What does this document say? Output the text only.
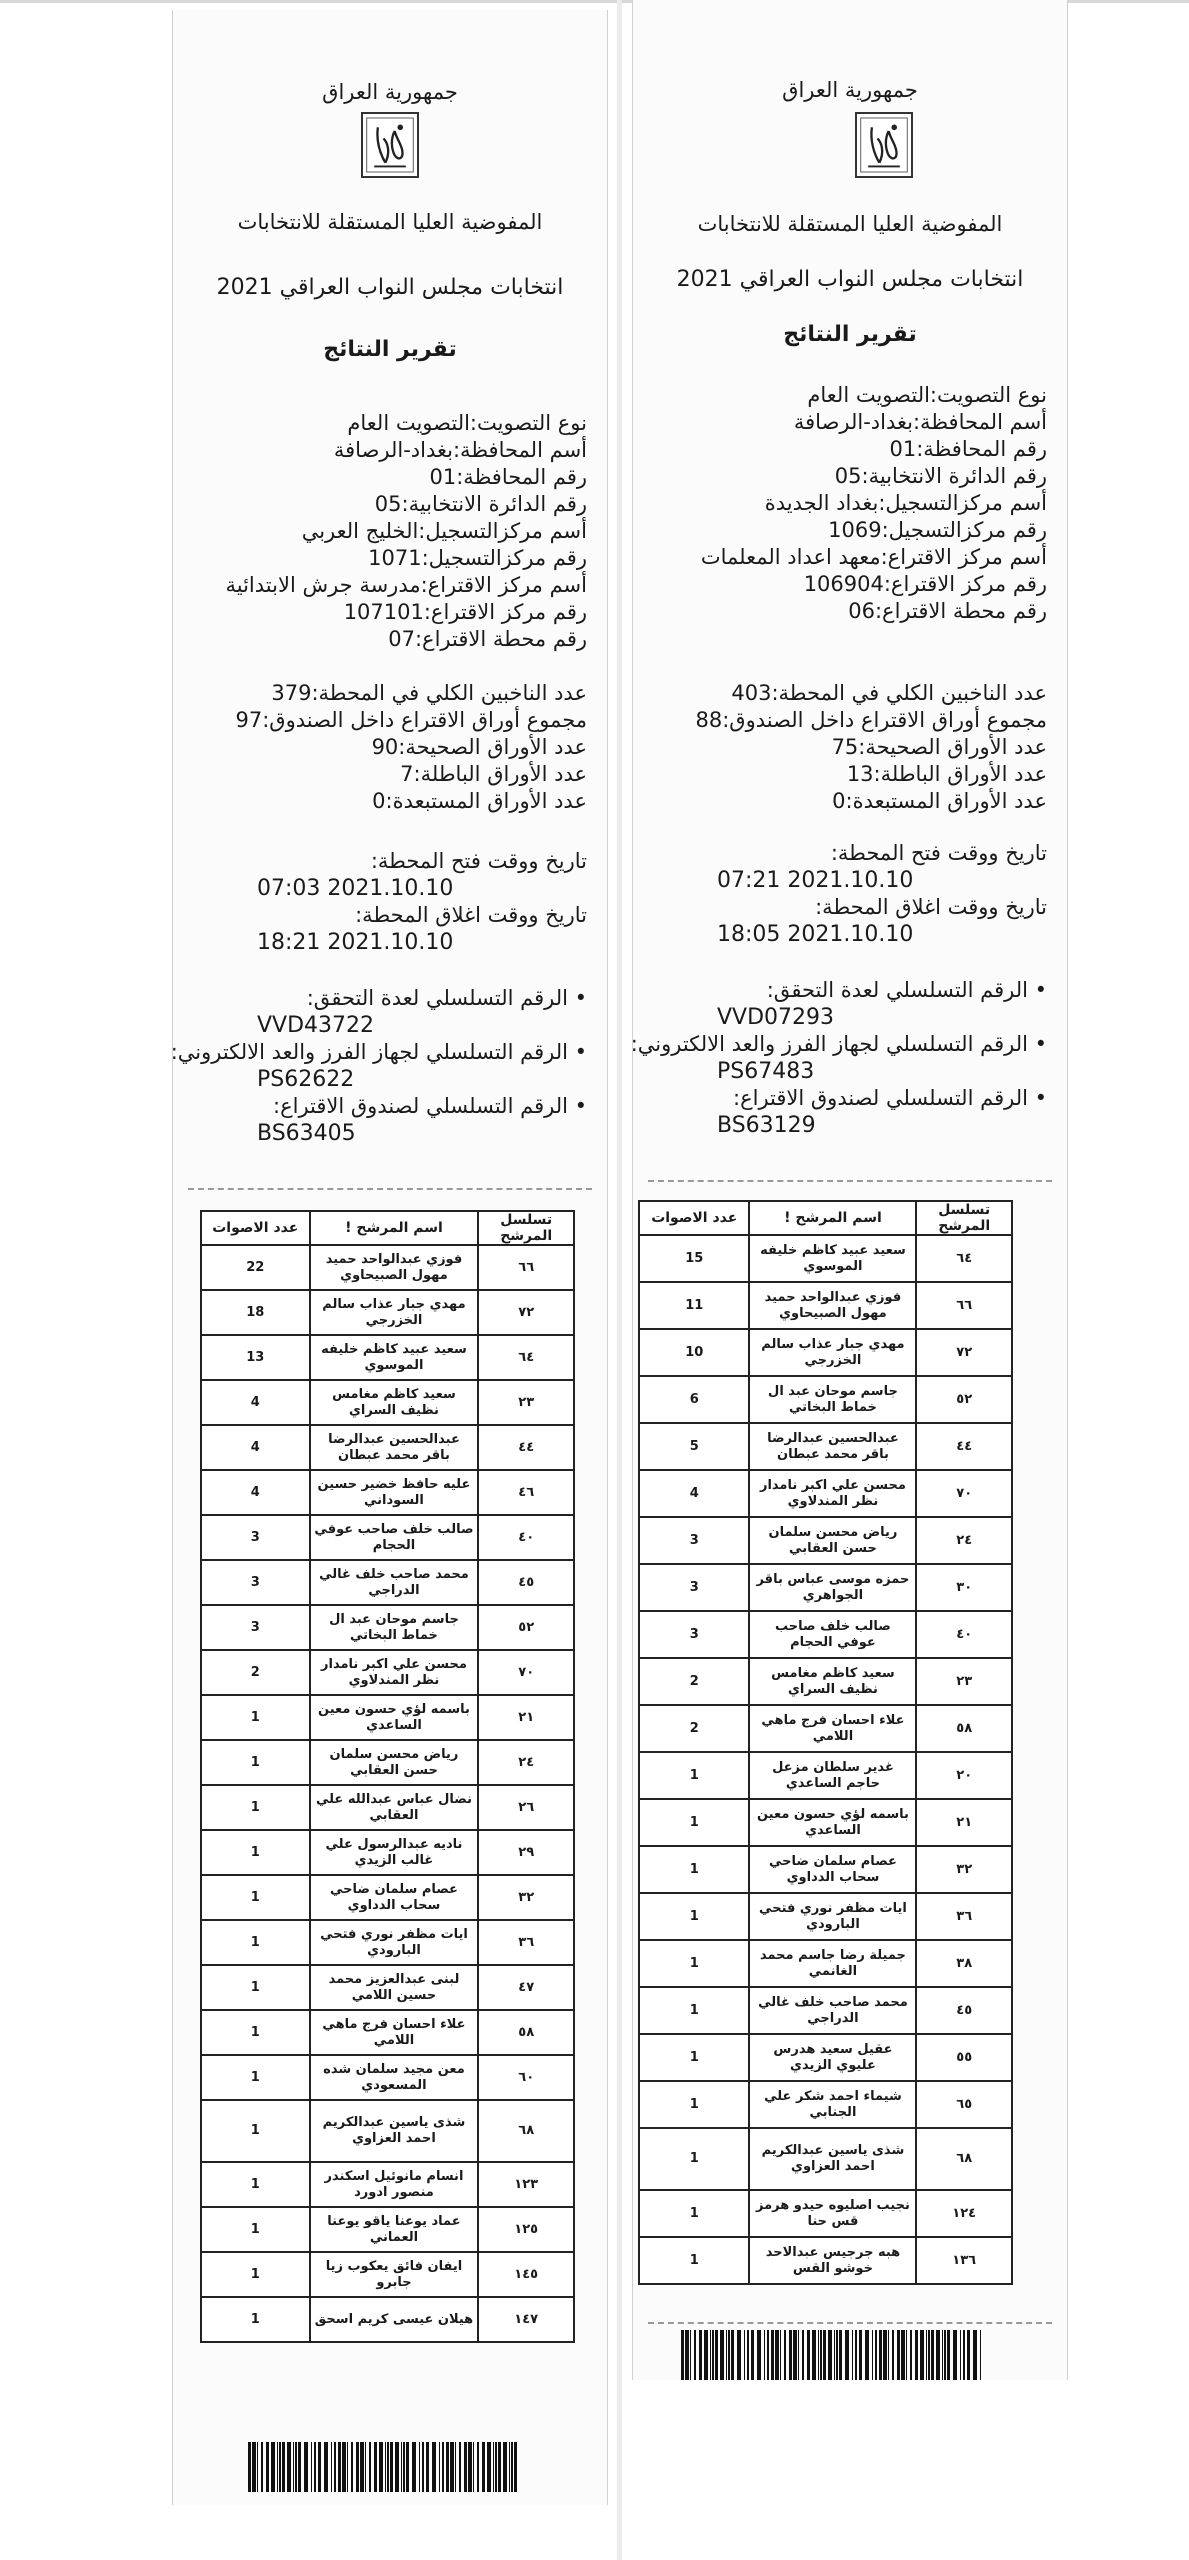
جمهورية العراق
المفوضية العليا المستقلة للانتخابات
انتخابات مجلس النواب العراقي 2021
تقرير النتائج
نوع التصويت:التصويت العام
أسم المحافظة:بغداد-الرصافة
رقم المحافظة:01
رقم الدائرة الانتخابية:05
أسم مركزالتسجيل:الخليج العربي
رقم مركزالتسجيل:1071
أسم مركز الاقتراع:مدرسة جرش الابتدائية
رقم مركز الاقتراع:107101
رقم محطة الاقتراع:07
عدد الناخبين الكلي في المحطة:379
مجموع أوراق الاقتراع داخل الصندوق:97
عدد الأوراق الصحيحة:90
عدد الأوراق الباطلة:7
عدد الأوراق المستبعدة:0
تاريخ ووقت فتح المحطة:
2021.10.10 07:03
تاريخ ووقت اغلاق المحطة:
2021.10.10 18:21
• الرقم التسلسلي لعدة التحقق:
VVD43722
• الرقم التسلسلي لجهاز الفرز والعد الالكتروني:
PS62622
• الرقم التسلسلي لصندوق الاقتراع:
BS63405
تسلسل المرشح	اسم المرشح !	عدد الاصوات
٦٦	فوزي عبدالواحد حميد مهول الصبيحاوي	22
٧٢	مهدي جبار عذاب سالم الخزرجي	18
٦٤	سعيد عبيد كاظم خليفه الموسوي	13
٢٣	سعيد كاظم مغامس نظيف السراي	4
٤٤	عبدالحسين عبدالرضا باقر محمد عبطان	4
٤٦	عليه حافظ خضير حسين السوداني	4
٤٠	صالب خلف صاحب عوفي الحجام	3
٤٥	محمد صاحب خلف غالي الدراجي	3
٥٢	جاسم موحان عبد ال خماط البخاتي	3
٧٠	محسن علي اكبر نامدار نظر المندلاوي	2
٢١	باسمه لؤي حسون معين الساعدي	1
٢٤	رياض محسن سلمان حسن العقابي	1
٢٦	نضال عباس عبدالله علي العقابي	1
٢٩	ناديه عبدالرسول علي غالب الزيدي	1
٣٢	عصام سلمان ضاحي سحاب الدداوي	1
٣٦	ايات مظفر نوري فتحي البارودي	1
٤٧	لبنى عبدالعزيز محمد حسين اللامي	1
٥٨	علاء احسان فرج ماهي اللامي	1
٦٠	معن مجيد سلمان شده المسعودي	1
٦٨	شذى ياسين عبدالكريم احمد العزاوي	1
١٢٣	انسام مانوئيل اسكندر منصور ادورد	1
١٢٥	عماد يوعنا ياقو يوعنا العماني	1
١٤٥	ايفان فائق يعكوب زيا جابرو	1
١٤٧	هيلان عيسى كريم اسحق	1
جمهورية العراق
المفوضية العليا المستقلة للانتخابات
انتخابات مجلس النواب العراقي 2021
تقرير النتائج
نوع التصويت:التصويت العام
أسم المحافظة:بغداد-الرصافة
رقم المحافظة:01
رقم الدائرة الانتخابية:05
أسم مركزالتسجيل:بغداد الجديدة
رقم مركزالتسجيل:1069
أسم مركز الاقتراع:معهد اعداد المعلمات
رقم مركز الاقتراع:106904
رقم محطة الاقتراع:06
عدد الناخبين الكلي في المحطة:403
مجموع أوراق الاقتراع داخل الصندوق:88
عدد الأوراق الصحيحة:75
عدد الأوراق الباطلة:13
عدد الأوراق المستبعدة:0
تاريخ ووقت فتح المحطة:
2021.10.10 07:21
تاريخ ووقت اغلاق المحطة:
2021.10.10 18:05
• الرقم التسلسلي لعدة التحقق:
VVD07293
• الرقم التسلسلي لجهاز الفرز والعد الالكتروني:
PS67483
• الرقم التسلسلي لصندوق الاقتراع:
BS63129
تسلسل المرشح	اسم المرشح !	عدد الاصوات
٦٤	سعيد عبيد كاظم خليفه الموسوي	15
٦٦	فوزي عبدالواحد حميد مهول الصبيحاوي	11
٧٢	مهدي جبار عذاب سالم الخزرجي	10
٥٢	جاسم موحان عبد ال خماط البخاتي	6
٤٤	عبدالحسين عبدالرضا باقر محمد عبطان	5
٧٠	محسن علي اكبر نامدار نظر المندلاوي	4
٢٤	رياض محسن سلمان حسن العقابي	3
٣٠	حمزه موسى عباس باقر الجواهري	3
٤٠	صالب خلف صاحب عوفي الحجام	3
٢٣	سعيد كاظم مغامس نظيف السراي	2
٥٨	علاء احسان فرج ماهي اللامي	2
٢٠	غدير سلطان مزعل حاجم الساعدي	1
٢١	باسمه لؤي حسون معين الساعدي	1
٣٢	عصام سلمان ضاحي سحاب الدداوي	1
٣٦	ايات مظفر نوري فتحي البارودي	1
٣٨	جميلة رضا جاسم محمد الغانمي	1
٤٥	محمد صاحب خلف غالي الدراجي	1
٥٥	عقيل سعيد هدرس عليوي الزيدي	1
٦٥	شيماء احمد شكر علي الجنابي	1
٦٨	شذى ياسين عبدالكريم احمد العزاوي	1
١٢٤	نجيب اصليوه حيدو هرمز قس حنا	1
١٣٦	هبه جرجيس عبدالاحد خوشو القس	1
